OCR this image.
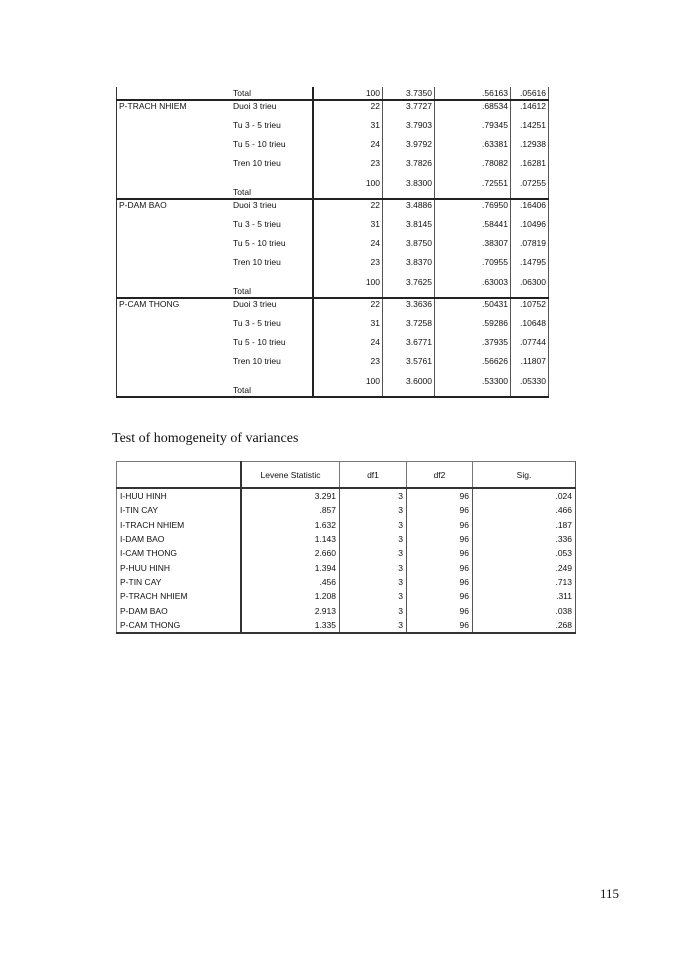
	Total	100	3.7350	.56163	.05616
P-TRACH NHIEM	Duoi 3 trieu	22	3.7727	.68534	.14612
	Tu 3 - 5 trieu	31	3.7903	.79345	.14251
	Tu 5 - 10 trieu	24	3.9792	.63381	.12938
	Tren 10 trieu	23	3.7826	.78082	.16281
	Total	100	3.8300	.72551	.07255
P-DAM BAO	Duoi 3 trieu	22	3.4886	.76950	.16406
	Tu 3 - 5 trieu	31	3.8145	.58441	.10496
	Tu 5 - 10 trieu	24	3.8750	.38307	.07819
	Tren 10 trieu	23	3.8370	.70955	.14795
	Total	100	3.7625	.63003	.06300
P-CAM THONG	Duoi 3 trieu	22	3.3636	.50431	.10752
	Tu 3 - 5 trieu	31	3.7258	.59286	.10648
	Tu 5 - 10 trieu	24	3.6771	.37935	.07744
	Tren 10 trieu	23	3.5761	.56626	.11807
	Total	100	3.6000	.53300	.05330
Test of homogeneity of variances
	Levene Statistic	df1	df2	Sig.
I-HUU HINH	3.291	3	96	.024
I-TIN CAY	.857	3	96	.466
I-TRACH NHIEM	1.632	3	96	.187
I-DAM BAO	1.143	3	96	.336
I-CAM THONG	2.660	3	96	.053
P-HUU HINH	1.394	3	96	.249
P-TIN CAY	.456	3	96	.713
P-TRACH NHIEM	1.208	3	96	.311
P-DAM BAO	2.913	3	96	.038
P-CAM THONG	1.335	3	96	.268
115
